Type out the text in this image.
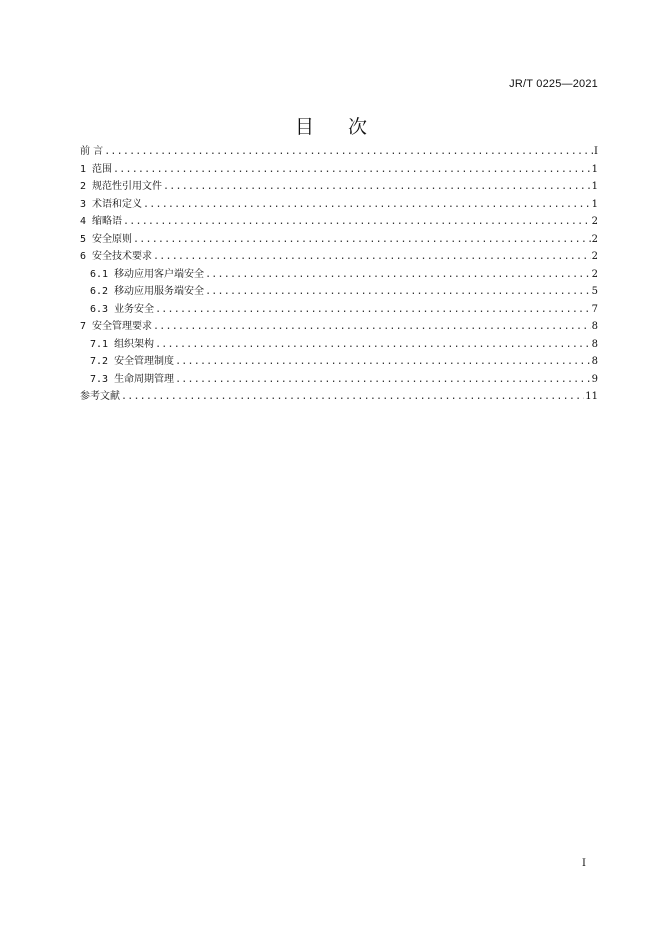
JR/T 0225—2021
目 次
前 言 .....	I
1 范围 .....	1
2 规范性引用文件 .....	1
3 术语和定义 .....	1
4 缩略语 .....	2
5 安全原则 .....	2
6 安全技术要求 .....	2
6.1 移动应用客户端安全 .....	2
6.2 移动应用服务端安全 .....	5
6.3 业务安全 .....	7
7 安全管理要求 .....	8
7.1 组织架构 .....	8
7.2 安全管理制度 .....	8
7.3 生命周期管理 .....	9
参考文献 .....	11
I
